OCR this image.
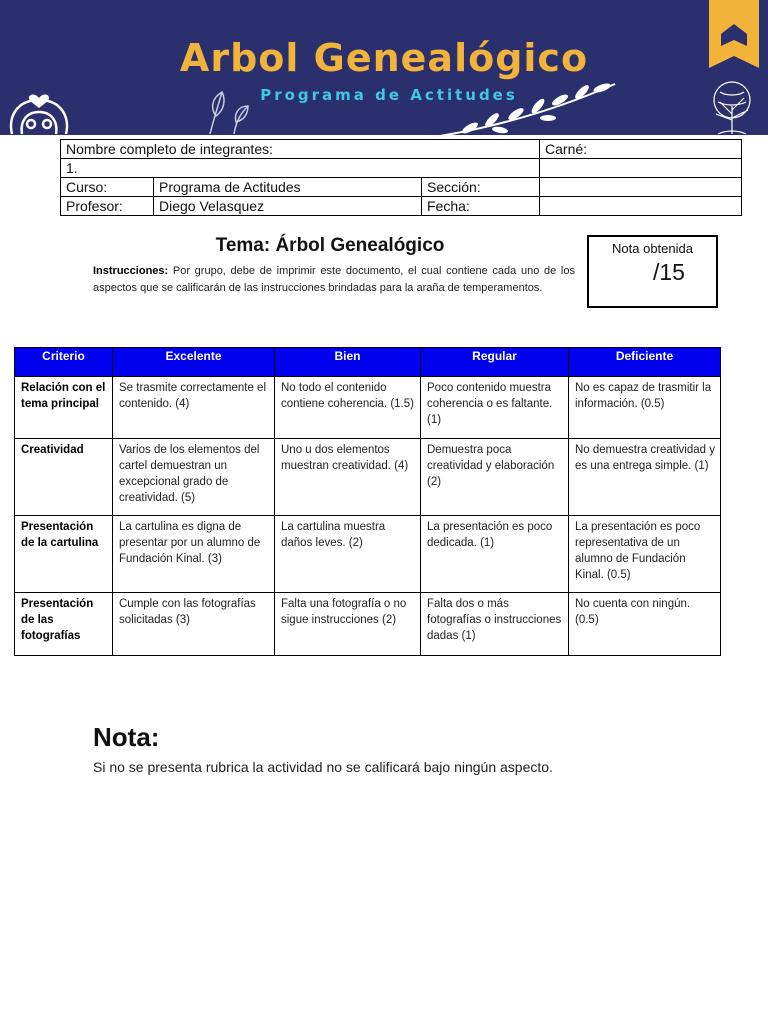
Arbol Genealógico
Programa de Actitudes
Nombre completo de integrantes:			Carné:
1.			
Curso:	Programa de Actitudes	Sección:	
Profesor:	Diego Velasquez	Fecha:	
Tema: Árbol Genealógico
Instrucciones: Por grupo, debe de imprimir este documento, el cual contiene cada uno de los aspectos que se calificarán de las instrucciones brindadas para la araña de temperamentos.
Nota obtenida
/15
Criterio	Excelente	Bien	Regular	Deficiente
Relación con el tema principal	Se trasmite correctamente el contenido. (4)	No todo el contenido contiene coherencia. (1.5)	Poco contenido muestra coherencia o es faltante. (1)	No es capaz de trasmitir la información. (0.5)
Creatividad	Varios de los elementos del cartel demuestran un excepcional grado de creatividad. (5)	Uno u dos elementos muestran creatividad. (4)	Demuestra poca creatividad y elaboración (2)	No demuestra creatividad y es una entrega simple. (1)
Presentación de la cartulina	La cartulina es digna de presentar por un alumno de Fundación Kinal. (3)	La cartulina muestra daños leves. (2)	La presentación es poco dedicada. (1)	La presentación es poco representativa de un alumno de Fundación Kinal. (0.5)
Presentación de las fotografías	Cumple con las fotografías solicitadas (3)	Falta una fotografía o no sigue instrucciones (2)	Falta dos o más fotografías o instrucciones dadas (1)	No cuenta con ningún. (0.5)
Nota:
Si no se presenta rubrica la actividad no se calificará bajo ningún aspecto.
